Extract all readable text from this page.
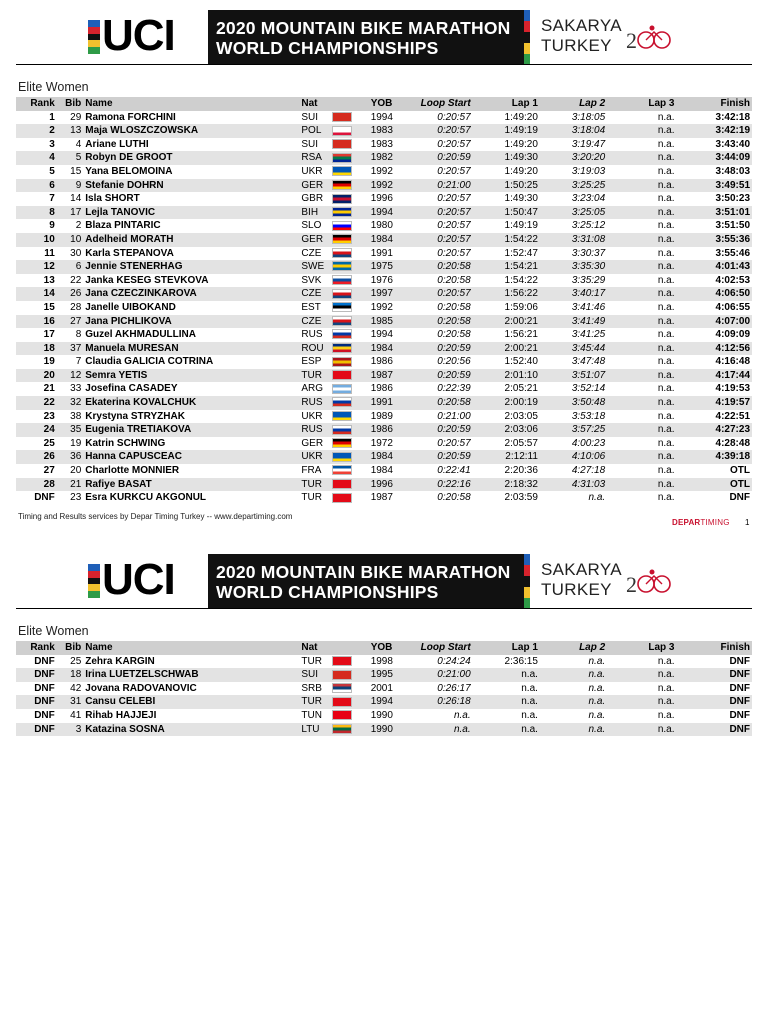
UCI 2020 MOUNTAIN BIKE MARATHON
WORLD CHAMPIONSHIPS
SAKARYA
TURKEY 2
Elite Women
Rank	Bib	Name	Nat		YOB	Loop Start	Lap 1	Lap 2	Lap 3	Finish
1	29	Ramona FORCHINI	SUI		1994	0:20:57	1:49:20	3:18:05	n.a.	3:42:18
2	13	Maja WLOSZCZOWSKA	POL		1983	0:20:57	1:49:19	3:18:04	n.a.	3:42:19
3	4	Ariane LUTHI	SUI		1983	0:20:57	1:49:20	3:19:47	n.a.	3:43:40
4	5	Robyn DE GROOT	RSA		1982	0:20:59	1:49:30	3:20:20	n.a.	3:44:09
5	15	Yana BELOMOINA	UKR		1992	0:20:57	1:49:20	3:19:03	n.a.	3:48:03
6	9	Stefanie DOHRN	GER		1992	0:21:00	1:50:25	3:25:25	n.a.	3:49:51
7	14	Isla SHORT	GBR		1996	0:20:57	1:49:30	3:23:04	n.a.	3:50:23
8	17	Lejla TANOVIC	BIH		1994	0:20:57	1:50:47	3:25:05	n.a.	3:51:01
9	2	Blaza PINTARIC	SLO		1980	0:20:57	1:49:19	3:25:12	n.a.	3:51:50
10	10	Adelheid MORATH	GER		1984	0:20:57	1:54:22	3:31:08	n.a.	3:55:36
11	30	Karla STEPANOVA	CZE		1991	0:20:57	1:52:47	3:30:37	n.a.	3:55:46
12	6	Jennie STENERHAG	SWE		1975	0:20:58	1:54:21	3:35:30	n.a.	4:01:43
13	22	Janka KESEG STEVKOVA	SVK		1976	0:20:58	1:54:22	3:35:29	n.a.	4:02:53
14	26	Jana CZECZINKAROVA	CZE		1997	0:20:57	1:56:22	3:40:17	n.a.	4:06:50
15	28	Janelle UIBOKAND	EST		1992	0:20:58	1:59:06	3:41:46	n.a.	4:06:55
16	27	Jana PICHLIKOVA	CZE		1985	0:20:58	2:00:21	3:41:49	n.a.	4:07:00
17	8	Guzel AKHMADULLINA	RUS		1994	0:20:58	1:56:21	3:41:25	n.a.	4:09:09
18	37	Manuela MURESAN	ROU		1984	0:20:59	2:00:21	3:45:44	n.a.	4:12:56
19	7	Claudia GALICIA COTRINA	ESP		1986	0:20:56	1:52:40	3:47:48	n.a.	4:16:48
20	12	Semra YETIS	TUR		1987	0:20:59	2:01:10	3:51:07	n.a.	4:17:44
21	33	Josefina CASADEY	ARG		1986	0:22:39	2:05:21	3:52:14	n.a.	4:19:53
22	32	Ekaterina KOVALCHUK	RUS		1991	0:20:58	2:00:19	3:50:48	n.a.	4:19:57
23	38	Krystyna STRYZHAK	UKR		1989	0:21:00	2:03:05	3:53:18	n.a.	4:22:51
24	35	Eugenia TRETIAKOVA	RUS		1986	0:20:59	2:03:06	3:57:25	n.a.	4:27:23
25	19	Katrin SCHWING	GER		1972	0:20:57	2:05:57	4:00:23	n.a.	4:28:48
26	36	Hanna CAPUSCEAC	UKR		1984	0:20:59	2:12:11	4:10:06	n.a.	4:39:18
27	20	Charlotte MONNIER	FRA		1984	0:22:41	2:20:36	4:27:18	n.a.	OTL
28	21	Rafiye BASAT	TUR		1996	0:22:16	2:18:32	4:31:03	n.a.	OTL
DNF	23	Esra KURKCU AKGONUL	TUR		1987	0:20:58	2:03:59	n.a.	n.a.	DNF
Timing and Results services by Depar Timing Turkey -- www.departiming.com
DEPARTIMING 1
UCI 2020 MOUNTAIN BIKE MARATHON
WORLD CHAMPIONSHIPS
SAKARYA
TURKEY 2
Elite Women
Rank	Bib	Name	Nat		YOB	Loop Start	Lap 1	Lap 2	Lap 3	Finish
DNF	25	Zehra KARGIN	TUR		1998	0:24:24	2:36:15	n.a.	n.a.	DNF
DNF	18	Irina LUETZELSCHWAB	SUI		1995	0:21:00	n.a.	n.a.	n.a.	DNF
DNF	42	Jovana RADOVANOVIC	SRB		2001	0:26:17	n.a.	n.a.	n.a.	DNF
DNF	31	Cansu CELEBI	TUR		1994	0:26:18	n.a.	n.a.	n.a.	DNF
DNF	41	Rihab HAJJEJI	TUN		1990	n.a.	n.a.	n.a.	n.a.	DNF
DNF	3	Katazina SOSNA	LTU		1990	n.a.	n.a.	n.a.	n.a.	DNF
